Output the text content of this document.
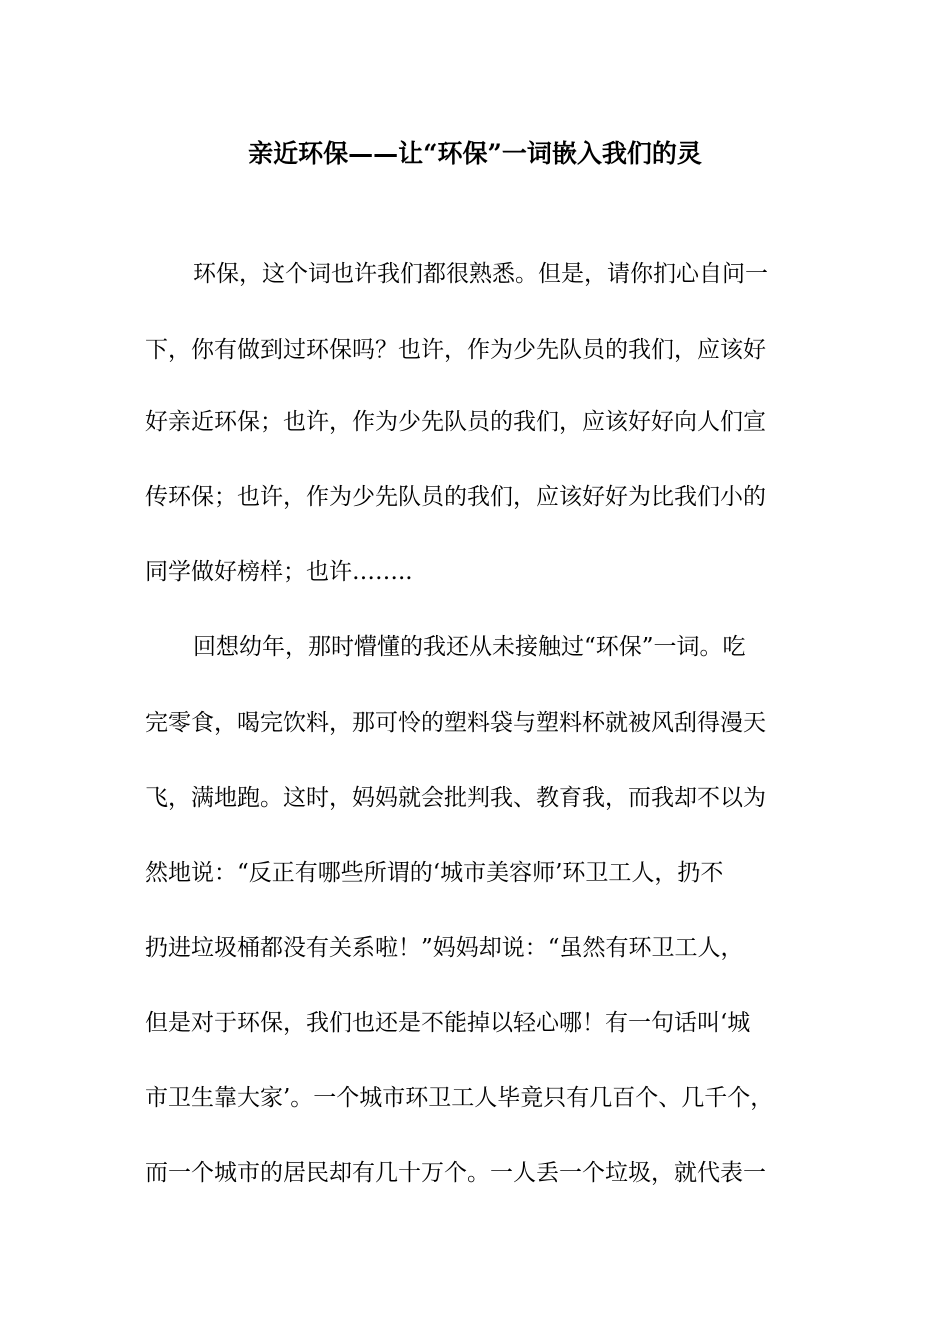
亲近环保——让“环保”一词嵌入我们的灵
环保，这个词也许我们都很熟悉。但是，请你扪心自问一
下，你有做到过环保吗？也许，作为少先队员的我们，应该好
好亲近环保；也许，作为少先队员的我们，应该好好向人们宣
传环保；也许，作为少先队员的我们，应该好好为比我们小的
同学做好榜样；也许……..
回想幼年，那时懵懂的我还从未接触过“环保”一词。吃
完零食，喝完饮料，那可怜的塑料袋与塑料杯就被风刮得漫天
飞，满地跑。这时，妈妈就会批判我、教育我，而我却不以为
然地说：“反正有哪些所谓的‘城市美容师’环卫工人，扔不
扔进垃圾桶都没有关系啦！”妈妈却说：“虽然有环卫工人，
但是对于环保，我们也还是不能掉以轻心哪！有一句话叫‘城
市卫生靠大家’。一个城市环卫工人毕竟只有几百个、几千个，
而一个城市的居民却有几十万个。一人丢一个垃圾，就代表一
